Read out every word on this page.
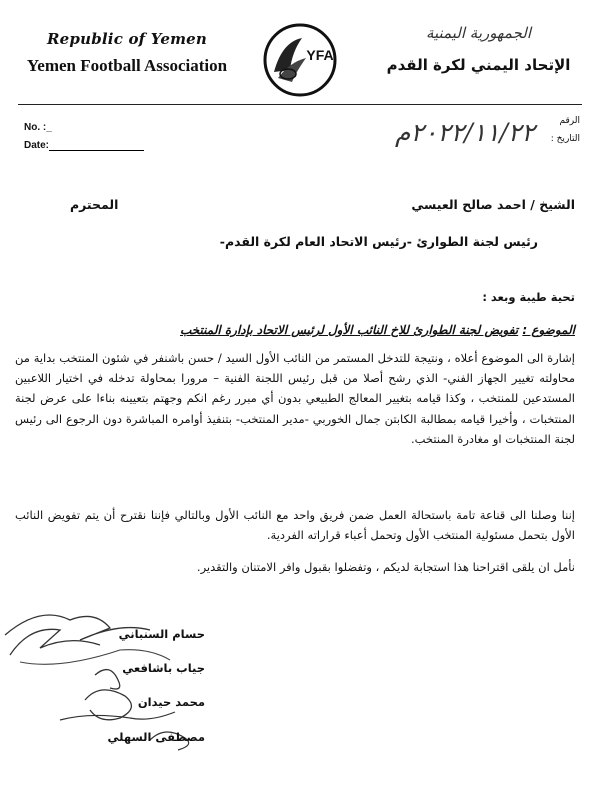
Republic of Yemen
Yemen Football Association
YFA
الجمهورية اليمنية
الإتحاد اليمني لكرة القدم
No. :_
Date:
الرقم
التاريخ :
٢٠٢٢/١١/٢٢م
الشيخ / احمد صالح العيسي
المحترم
رئيس لجنة الطوارئ -رئيس الاتحاد العام لكرة القدم-
تحية طيبة وبعد :
الموضوع : تفويض لجنة الطوارئ للاخ النائب الأول لرئيس الاتحاد بإدارة المنتخب
إشارة الى الموضوع أعلاه ، ونتيجة للتدخل المستمر من النائب الأول السيد / حسن باشنفر في شئون المنتخب بداية من محاولته تغيير الجهاز الفني- الذي رشح أصلا من قبل رئيس اللجنة الفنية – مرورا بمحاولة تدخله في اختيار اللاعبين المستدعين للمنتخب ، وكذا قيامه بتغيير المعالج الطبيعي بدون أي مبرر رغم انكم وجهتم بتعيينه بناءا على عرض لجنة المنتخبات ، وأخيرا قيامه بمطالبة الكابتن جمال الخوربي -مدير المنتخب- بتنفيذ أوامره المباشرة دون الرجوع الى رئيس لجنة المنتخبات او مغادرة المنتخب.
إننا وصلنا الى قناعة تامة باستحالة العمل ضمن فريق واحد مع النائب الأول وبالتالي فإننا نقترح أن يتم تفويض النائب الأول بتحمل مسئولية المنتخب الأول وتحمل أعباء قراراته الفردية.
نأمل ان يلقى اقتراحنا هذا استجابة لديكم ، وتفضلوا بقبول وافر الامتنان والتقدير.
حسام السنباني
جياب باشافعي
محمد حيدان
مصطفى السهلي
